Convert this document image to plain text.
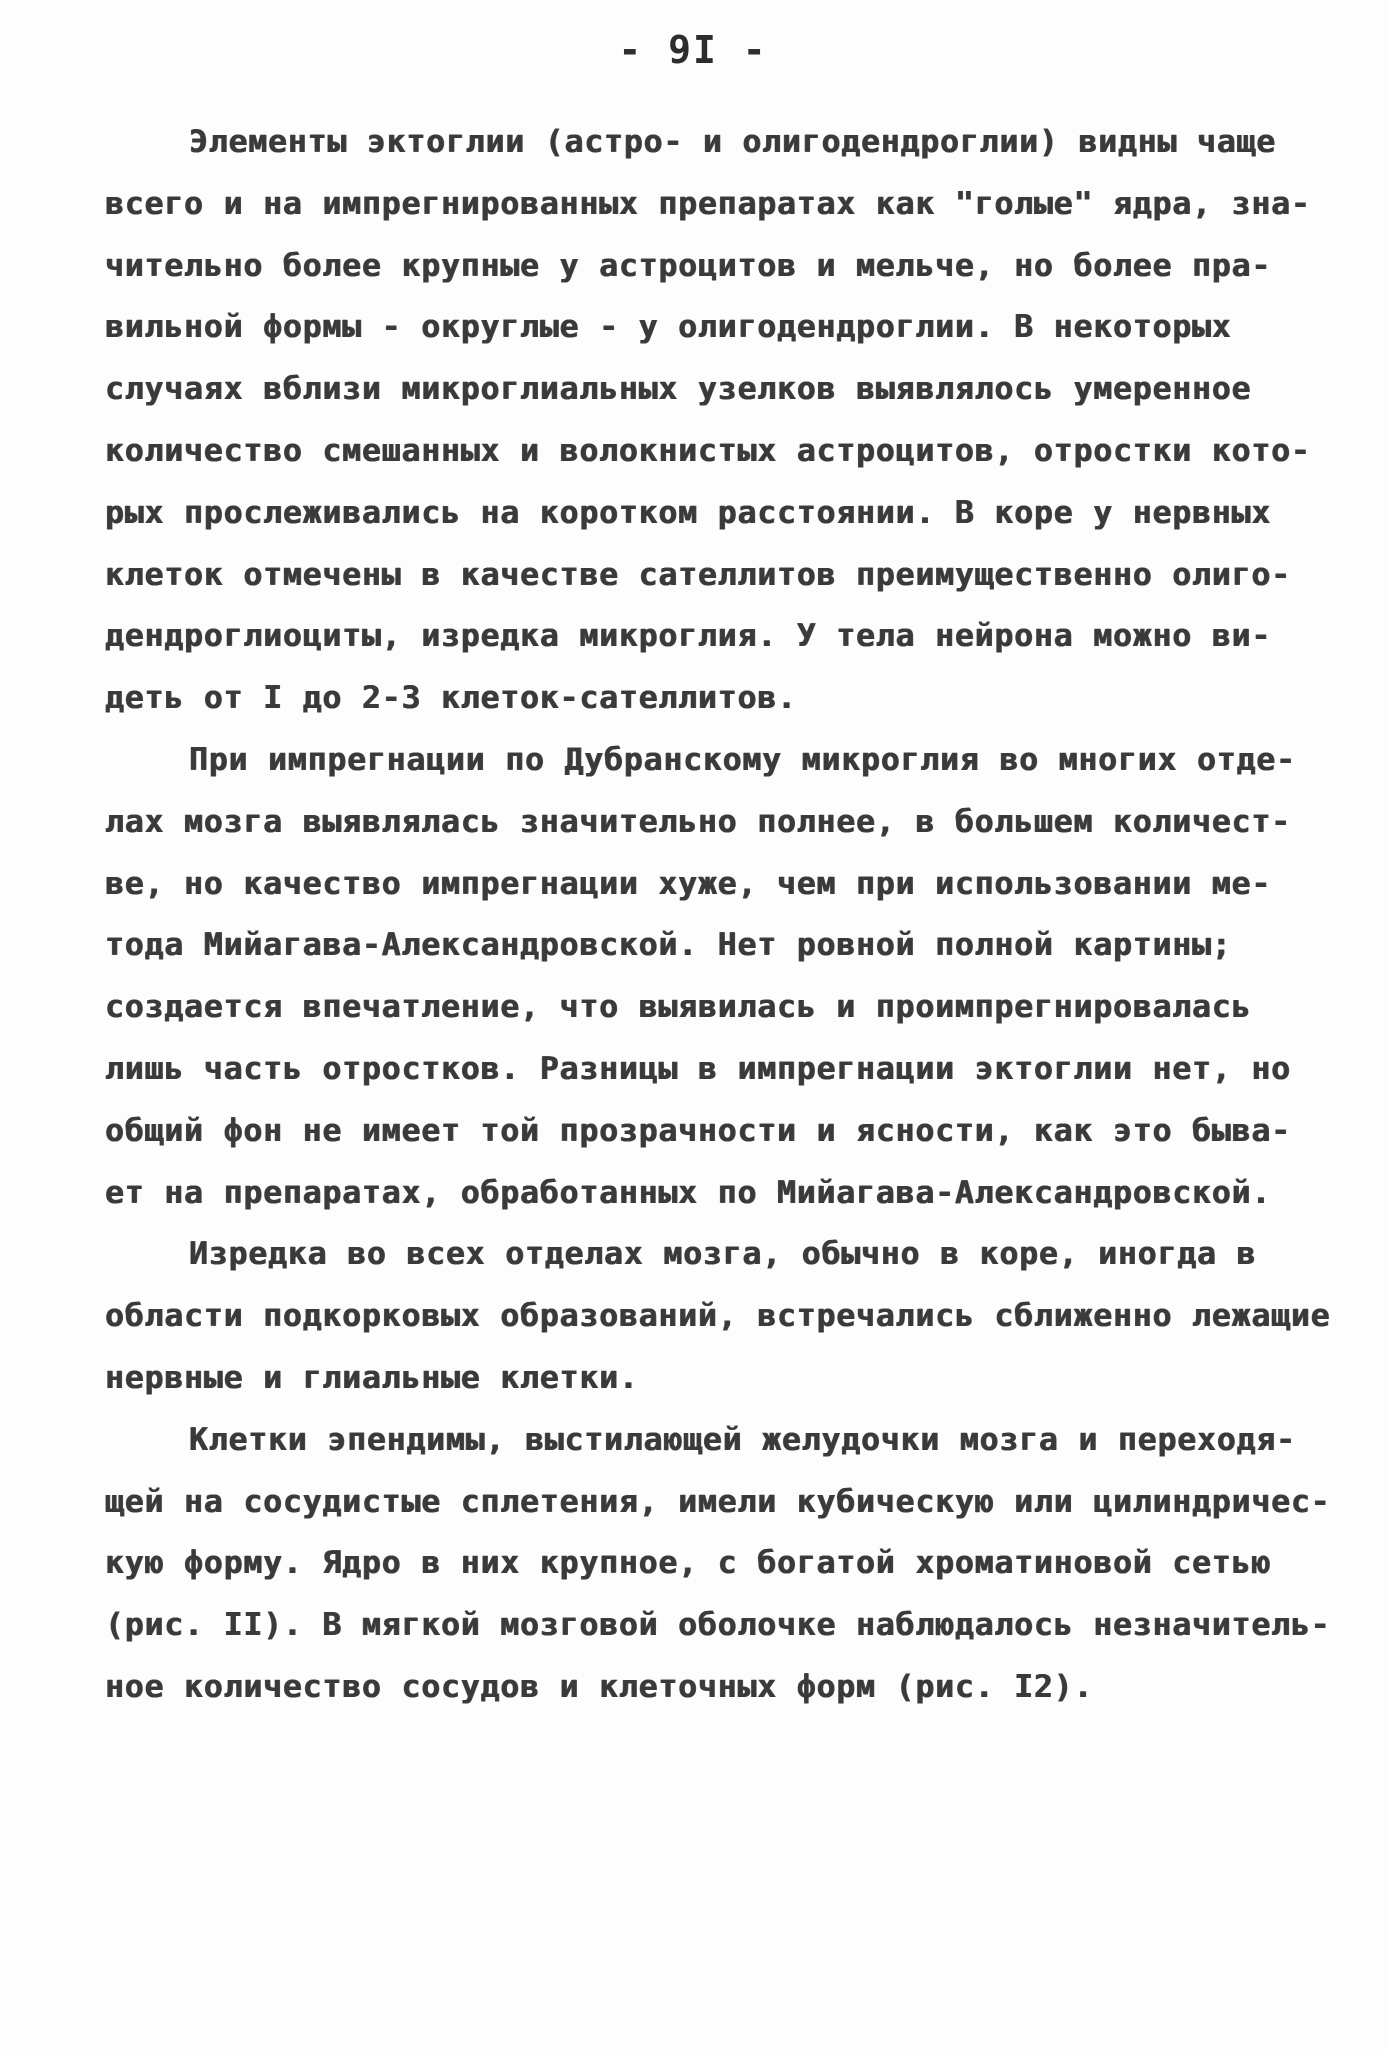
- 9I -
Элементы эктоглии (астро- и олигодендроглии) видны чаще
всего и на импрегнированных препаратах как "голые" ядра, зна-
чительно более крупные у астроцитов и мельче, но более пра-
вильной формы - округлые - у олигодендроглии. В некоторых
случаях вблизи микроглиальных узелков выявлялось умеренное
количество смешанных и волокнистых астроцитов, отростки кото-
рых прослеживались на коротком расстоянии. В коре у нервных
клеток отмечены в качестве сателлитов преимущественно олиго-
дендроглиоциты, изредка микроглия. У тела нейрона можно ви-
деть от I до 2-3 клеток-сателлитов.
При импрегнации по Дубранскому микроглия во многих отде-
лах мозга выявлялась значительно полнее, в большем количест-
ве, но качество импрегнации хуже, чем при использовании ме-
тода Мийагава-Александровской. Нет ровной полной картины;
создается впечатление, что выявилась и проимпрегнировалась
лишь часть отростков. Разницы в импрегнации эктоглии нет, но
общий фон не имеет той прозрачности и ясности, как это быва-
ет на препаратах, обработанных по Мийагава-Александровской.
Изредка во всех отделах мозга, обычно в коре, иногда в
области подкорковых образований, встречались сближенно лежащие
нервные и глиальные клетки.
Клетки эпендимы, выстилающей желудочки мозга и переходя-
щей на сосудистые сплетения, имели кубическую или цилиндричес-
кую форму. Ядро в них крупное, с богатой хроматиновой сетью
(рис. II). В мягкой мозговой оболочке наблюдалось незначитель-
ное количество сосудов и клеточных форм (рис. I2).
